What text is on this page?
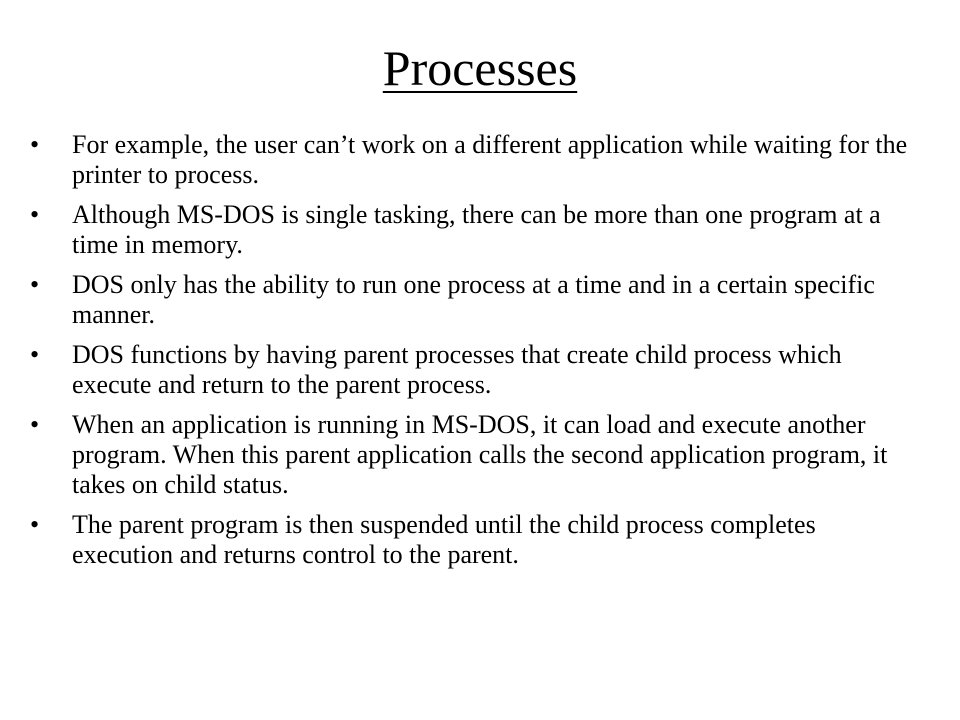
Processes
•	For example, the user can’t work on a different application while waiting for the printer to process.
•	Although MS-DOS is single tasking, there can be more than one program at a time in memory.
•	DOS only has the ability to run one process at a time and in a certain specific manner.
•	DOS functions by having parent processes that create child process which execute and return to the parent process.
•	When an application is running in MS-DOS, it can load and execute another program. When this parent application calls the second application program, it takes on child status.
•	The parent program is then suspended until the child process completes execution and returns control to the parent.
